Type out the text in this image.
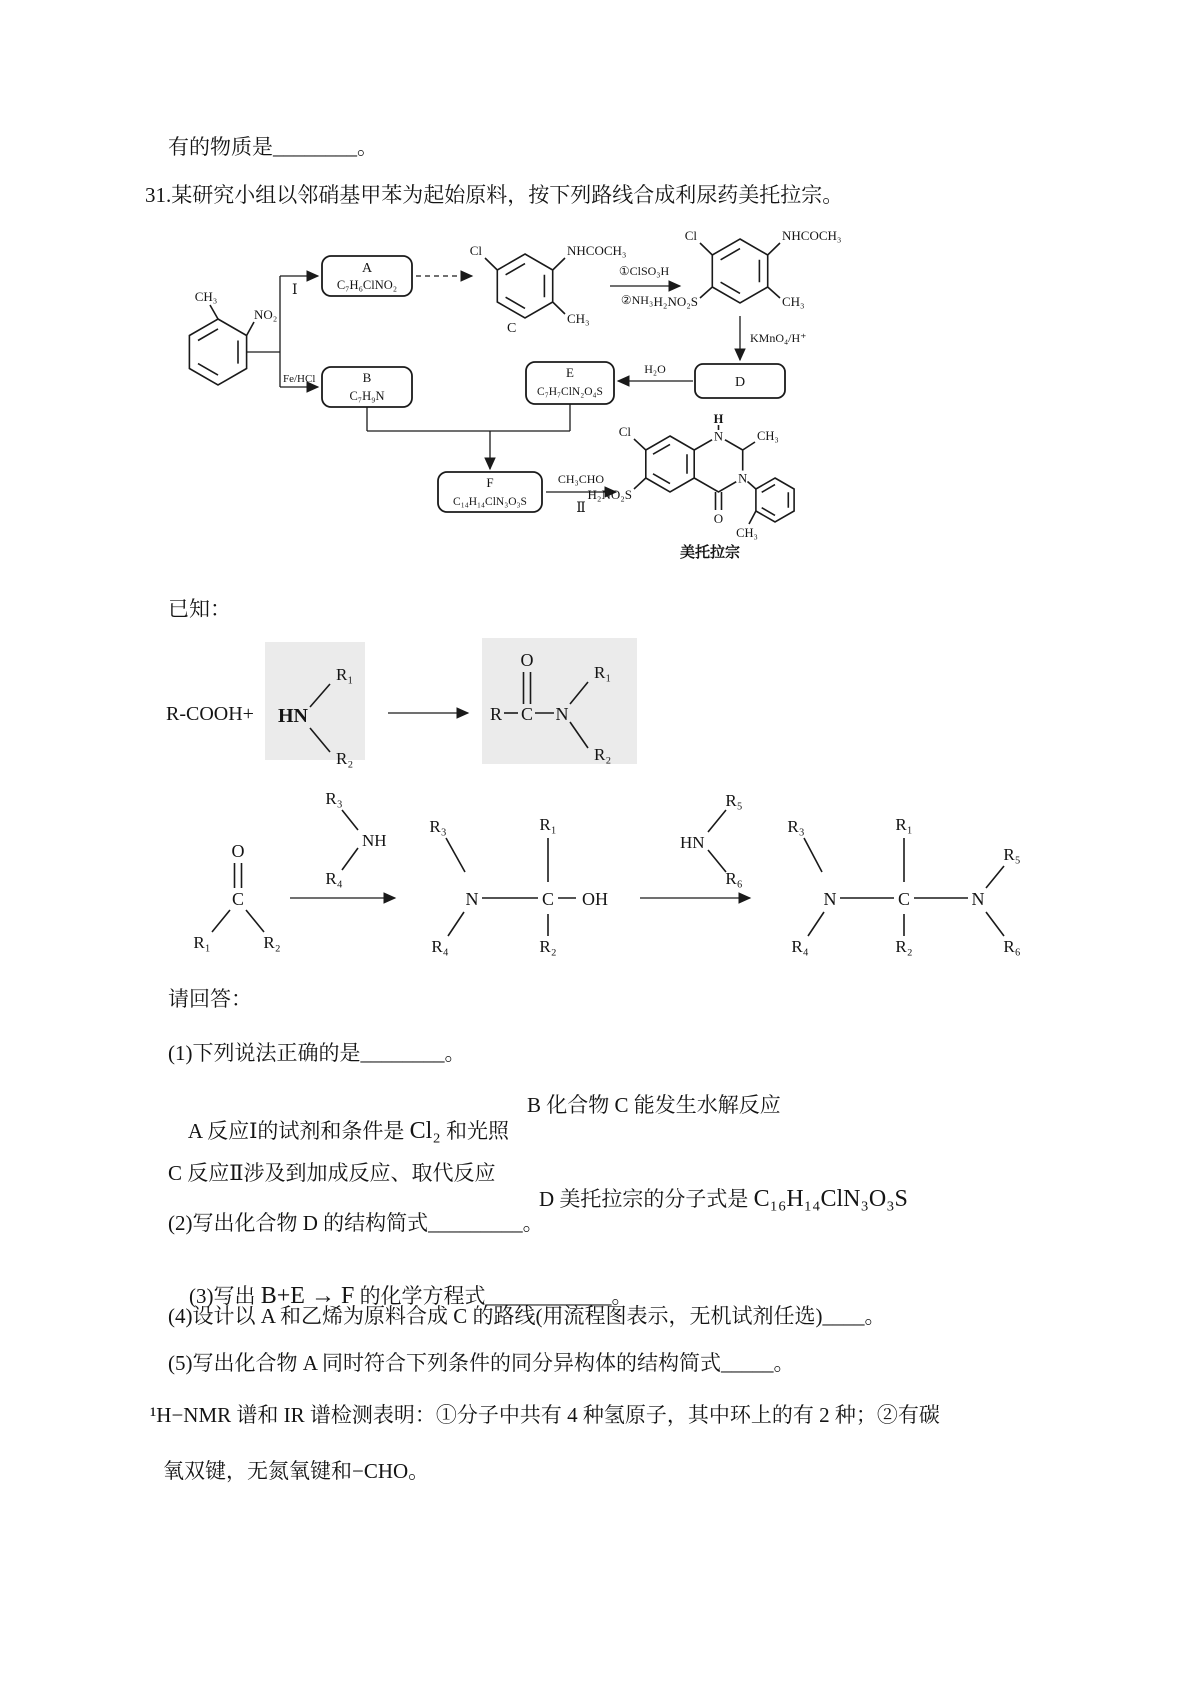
CH₃
NO₂
Ⅰ
A
C₇H₆ClNO₂
Cl	NHCOCH₃
CH₃
C
①ClSO₃H
②NH₃
Cl	NHCOCH₃
H₂NO₂S	CH₃
KMnO₄/H⁺
D
H₂O
E
C₇H₇ClN₂O₄S
Fe/HCl	B
C₇H₉N
F
C₁₄H₁₄ClN₃O₃S
CH₃CHO
Ⅱ
H
N	CH₃
N
O
Cl
H₂NO₂S
CH₃
美托拉宗
R-COOH+ HN
R₁
R₂
R C
O
N
R₁
R₂
O
C
R₁	R₂
NH
R₃
R₄
R₃
N	C
R₁
OH
R₄	R₂
HN
R₅
R₆
R₃
N	C
R₁
N
R₅
R₄	R₂	R₆
有的物质是________。
31.某研究小组以邻硝基甲苯为起始原料，按下列路线合成利尿药美托拉宗。
已知：
请回答：
(1)下列说法正确的是________。

A 反应Ⅰ的试剂和条件是 Cl₂ 和光照

B 化合物 C 能发生水解反应
C 反应Ⅱ涉及到加成反应、取代反应

D 美托拉宗的分子式是 C₁₆H₁₄ClN₃O₃S

(2)写出化合物 D 的结构简式_________。

(3)写出 B+E → F 的化学方程式____________。

(4)设计以 A 和乙烯为原料合成 C 的路线(用流程图表示，无机试剂任选)____。
(5)写出化合物 A 同时符合下列条件的同分异构体的结构简式_____。
¹H−NMR 谱和 IR 谱检测表明：①分子中共有 4 种氢原子，其中环上的有 2 种；②有碳
氧双键，无氮氧键和−CHO。
